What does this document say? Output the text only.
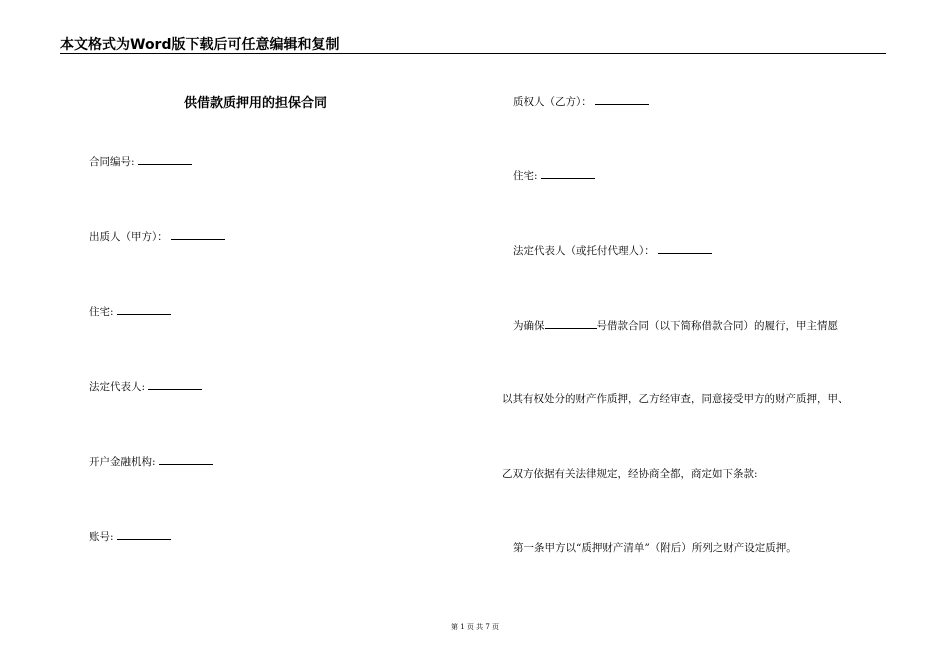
本文格式为Word版下载后可任意编辑和复制
供借款质押用的担保合同
合同编号:
出质人（甲方）：
住宅:
法定代表人:
开户金融机构:
账号:
质权人（乙方）：
住宅:
法定代表人（或托付代理人）：
为确保	号借款合同（以下简称借款合同）的履行，甲主情愿
以其有权处分的财产作质押，乙方经审查，同意接受甲方的财产质押，甲、
乙双方依据有关法律规定，经协商全都，商定如下条款:
第一条甲方以“质押财产清单”（附后）所列之财产设定质押。
第 1 页 共 7 页
